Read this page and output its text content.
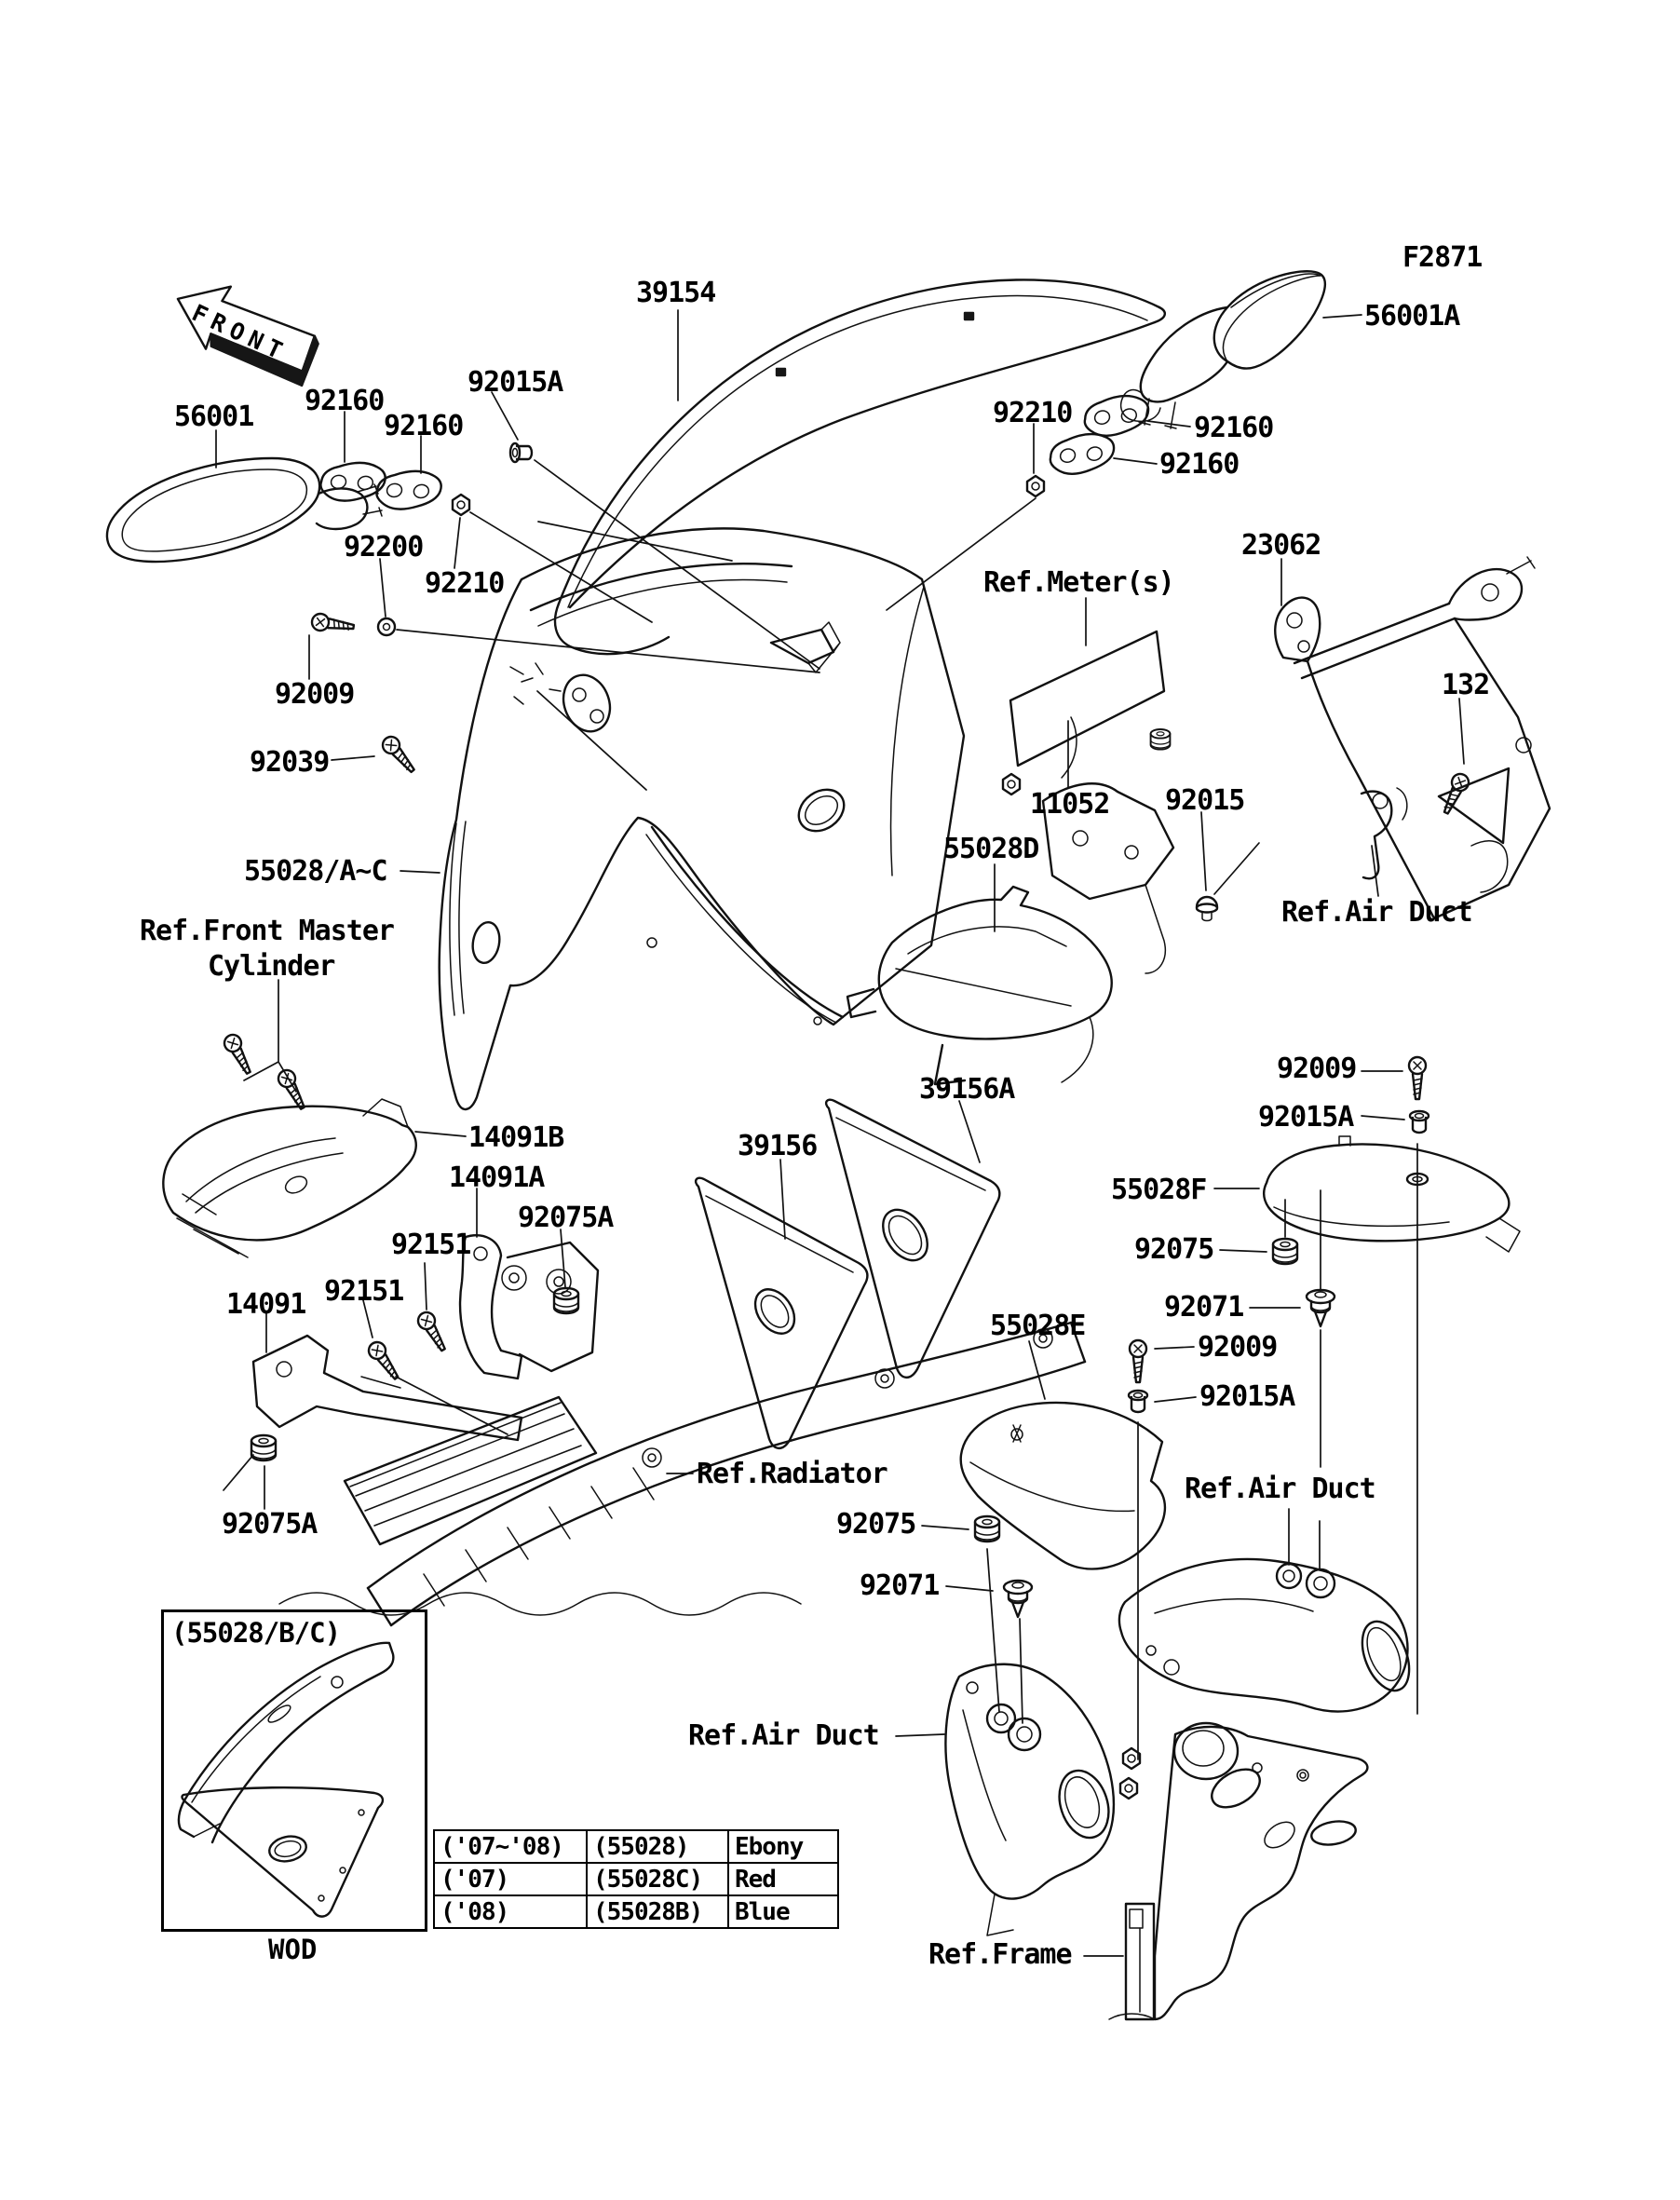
F2871
FRONT
39154
56001A
92015A
92160
56001	92160	92210	92160
92160
92200	23062
92210	Ref.Meter(s)
132
92009
92039
11052 92015
55028D
Ref.Air Duct
55028/A~C
Ref.Front Master
Cylinder
92009
92015A
39156A
14091B	39156
14091A	55028F
92075A
92151	92075
92151	92071
14091
55028E
92009
92015A
Ref.Radiator
92075
Ref.Air Duct
92071
92075A
Ref.Air Duct
Ref.Frame
(55028/B/C)
WOD
('07~'08)	(55028)	Ebony
('07)	(55028C)	Red
('08)	(55028B)	Blue
